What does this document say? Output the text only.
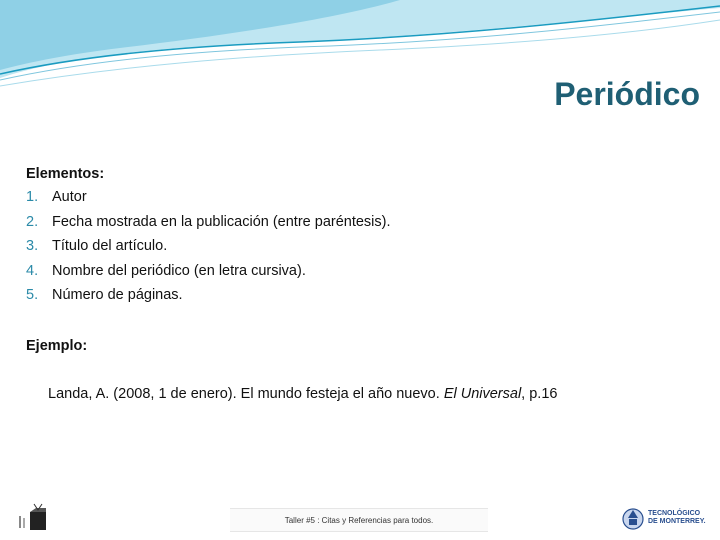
Periódico
Elementos:
1. Autor
2. Fecha mostrada en la publicación (entre paréntesis).
3. Título del artículo.
4. Nombre del periódico (en letra cursiva).
5. Número de páginas.
Ejemplo:
Landa, A. (2008, 1 de enero). El mundo festeja el año nuevo. El Universal, p.16
Taller #5 : Citas y Referencias para todos.
TECNOLÓGICO
DE MONTERREY.
